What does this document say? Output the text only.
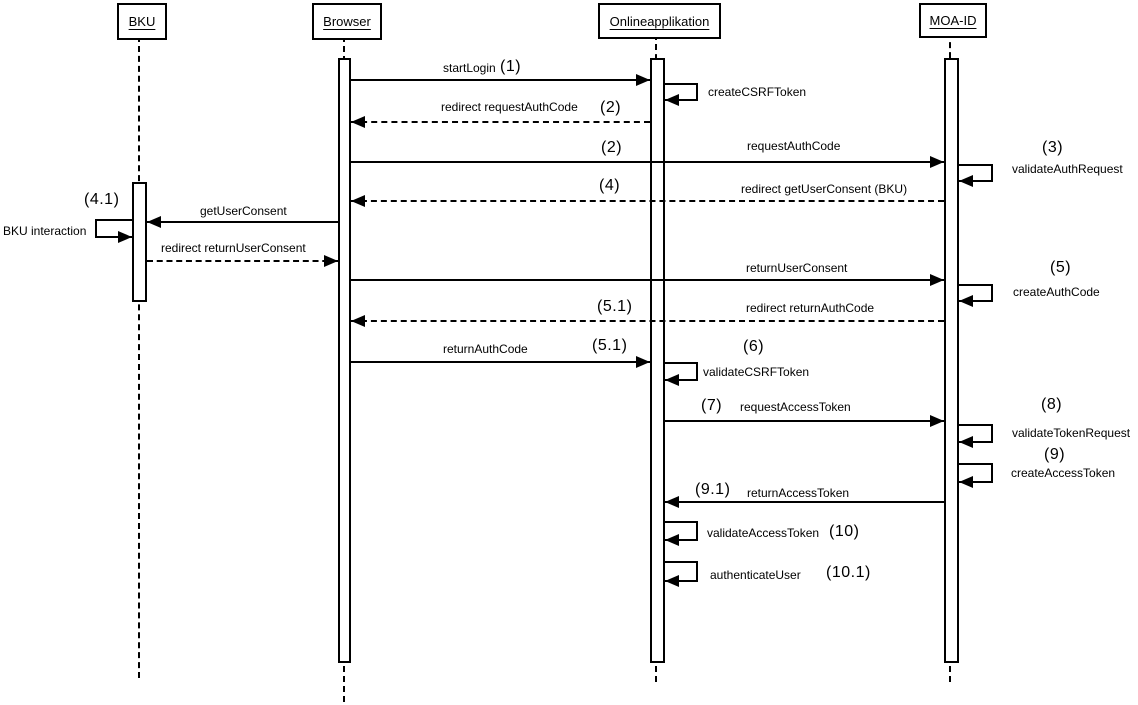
BKU	Browser	Onlineapplikation	MOA-ID
startLogin (1)
createCSRFToken
redirect requestAuthCode (2)
requestAuthCode
(2)
validateAuthRequest
(3)
redirect getUserConsent (BKU)
(4)
getUserConsent
BKU interaction
(4.1)
redirect returnUserConsent
returnUserConsent	(5)
createAuthCode
redirect returnAuthCode
(5.1)
returnAuthCode	(5.1)
validateCSRFToken
(6)
requestAccessToken
(7)
validateTokenRequest
(8)
createAccessToken
(9)
returnAccessToken
(9.1)
validateAccessToken (10)
authenticateUser (10.1)
